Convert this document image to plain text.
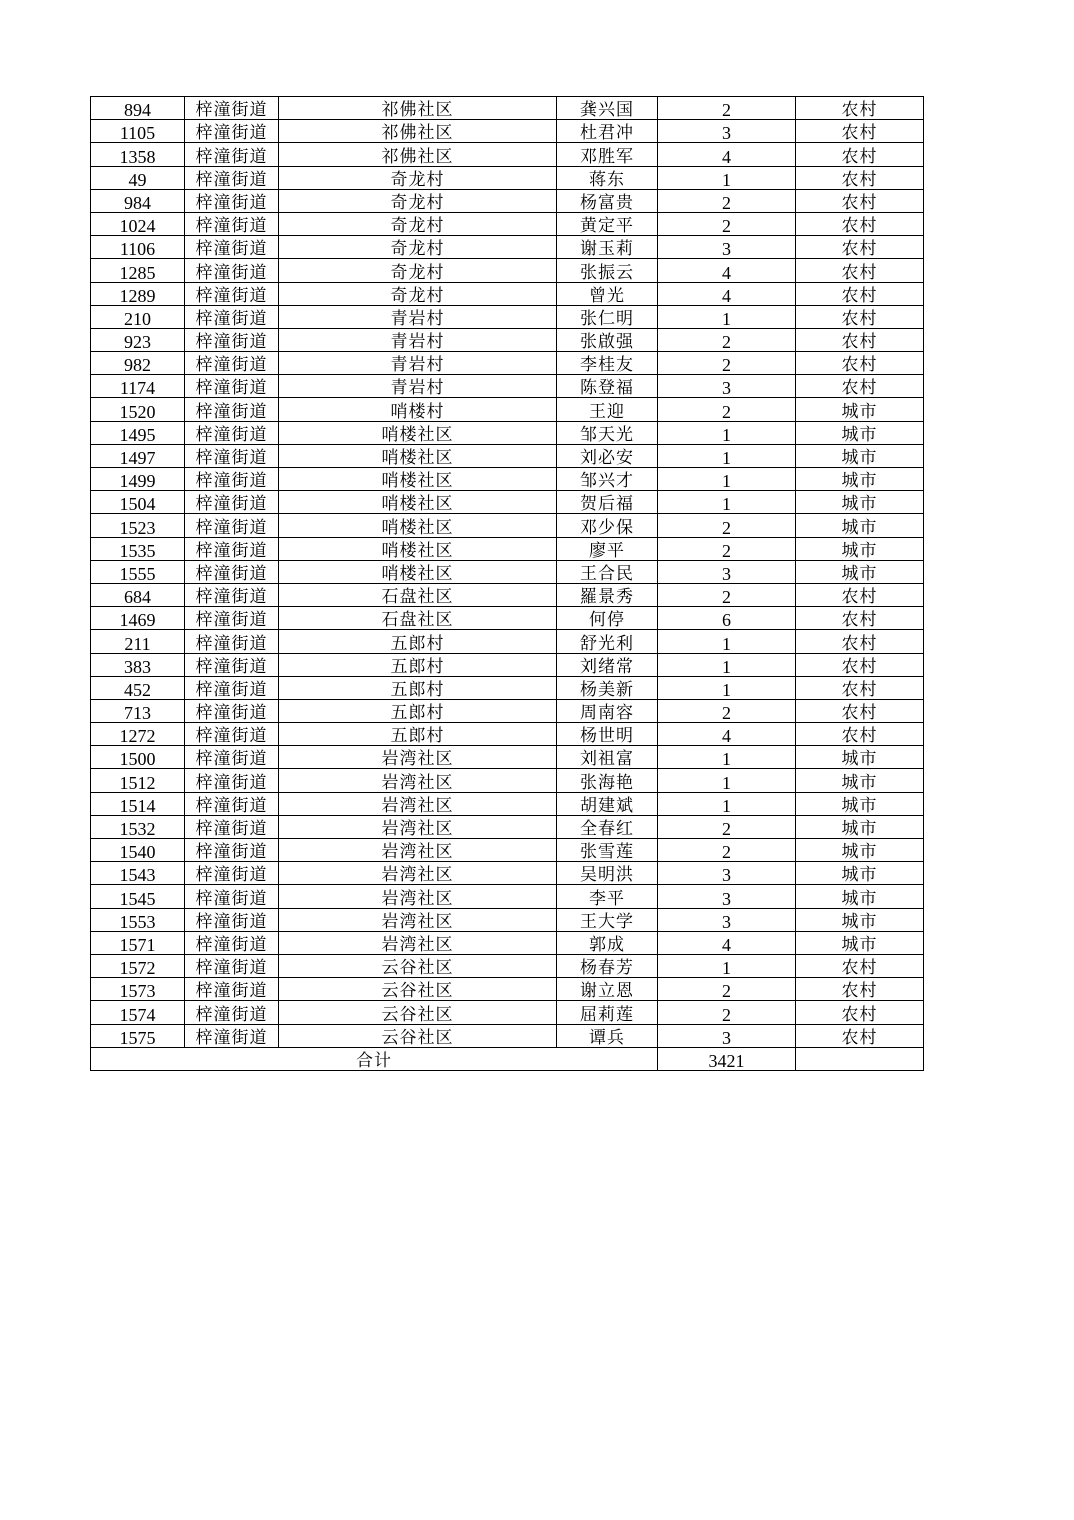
894	梓潼街道	祁佛社区	龚兴国	2	农村
1105	梓潼街道	祁佛社区	杜君冲	3	农村
1358	梓潼街道	祁佛社区	邓胜军	4	农村
49	梓潼街道	奇龙村	蒋东	1	农村
984	梓潼街道	奇龙村	杨富贵	2	农村
1024	梓潼街道	奇龙村	黄定平	2	农村
1106	梓潼街道	奇龙村	谢玉莉	3	农村
1285	梓潼街道	奇龙村	张振云	4	农村
1289	梓潼街道	奇龙村	曾光	4	农村
210	梓潼街道	青岩村	张仁明	1	农村
923	梓潼街道	青岩村	张啟强	2	农村
982	梓潼街道	青岩村	李桂友	2	农村
1174	梓潼街道	青岩村	陈登福	3	农村
1520	梓潼街道	哨楼村	王迎	2	城市
1495	梓潼街道	哨楼社区	邹天光	1	城市
1497	梓潼街道	哨楼社区	刘必安	1	城市
1499	梓潼街道	哨楼社区	邹兴才	1	城市
1504	梓潼街道	哨楼社区	贺后福	1	城市
1523	梓潼街道	哨楼社区	邓少保	2	城市
1535	梓潼街道	哨楼社区	廖平	2	城市
1555	梓潼街道	哨楼社区	王合民	3	城市
684	梓潼街道	石盘社区	羅景秀	2	农村
1469	梓潼街道	石盘社区	何停	6	农村
211	梓潼街道	五郎村	舒光利	1	农村
383	梓潼街道	五郎村	刘绪常	1	农村
452	梓潼街道	五郎村	杨美新	1	农村
713	梓潼街道	五郎村	周南容	2	农村
1272	梓潼街道	五郎村	杨世明	4	农村
1500	梓潼街道	岩湾社区	刘祖富	1	城市
1512	梓潼街道	岩湾社区	张海艳	1	城市
1514	梓潼街道	岩湾社区	胡建斌	1	城市
1532	梓潼街道	岩湾社区	全春红	2	城市
1540	梓潼街道	岩湾社区	张雪莲	2	城市
1543	梓潼街道	岩湾社区	吴明洪	3	城市
1545	梓潼街道	岩湾社区	李平	3	城市
1553	梓潼街道	岩湾社区	王大学	3	城市
1571	梓潼街道	岩湾社区	郭成	4	城市
1572	梓潼街道	云谷社区	杨春芳	1	农村
1573	梓潼街道	云谷社区	谢立恩	2	农村
1574	梓潼街道	云谷社区	屈莉莲	2	农村
1575	梓潼街道	云谷社区	谭兵	3	农村
合计				3421	
